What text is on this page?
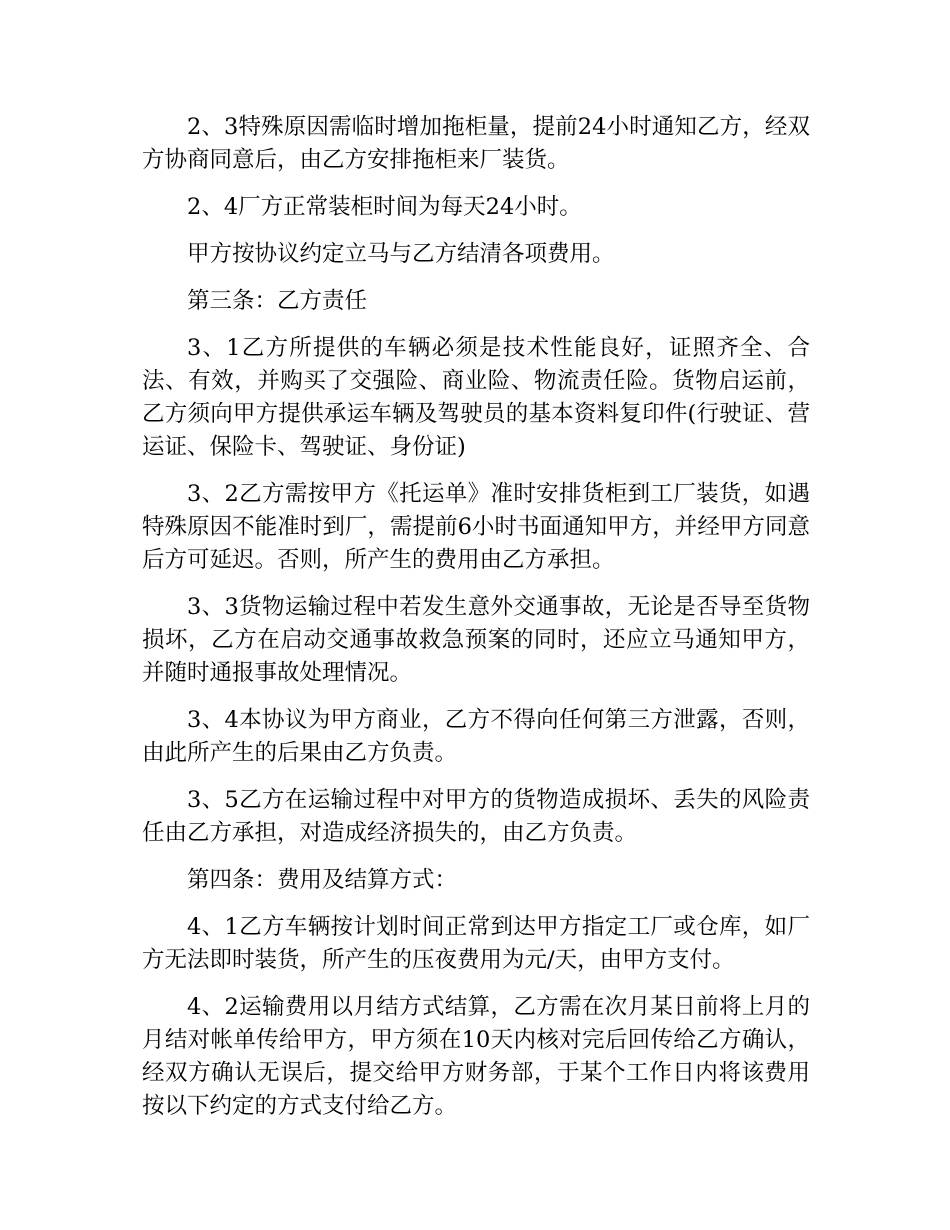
2、3特殊原因需临时增加拖柜量，提前24小时通知乙方，经双方协商同意后，由乙方安排拖柜来厂装货。

2、4厂方正常装柜时间为每天24小时。

甲方按协议约定立马与乙方结清各项费用。

第三条：乙方责任

3、1乙方所提供的车辆必须是技术性能良好，证照齐全、合法、有效，并购买了交强险、商业险、物流责任险。货物启运前，乙方须向甲方提供承运车辆及驾驶员的基本资料复印件(行驶证、营运证、保险卡、驾驶证、身份证)

3、2乙方需按甲方《托运单》准时安排货柜到工厂装货，如遇特殊原因不能准时到厂，需提前6小时书面通知甲方，并经甲方同意后方可延迟。否则，所产生的费用由乙方承担。

3、3货物运输过程中若发生意外交通事故，无论是否导至货物损坏，乙方在启动交通事故救急预案的同时，还应立马通知甲方，并随时通报事故处理情况。

3、4本协议为甲方商业，乙方不得向任何第三方泄露，否则，由此所产生的后果由乙方负责。

3、5乙方在运输过程中对甲方的货物造成损坏、丢失的风险责任由乙方承担，对造成经济损失的，由乙方负责。

第四条：费用及结算方式：

4、1乙方车辆按计划时间正常到达甲方指定工厂或仓库，如厂方无法即时装货，所产生的压夜费用为元/天，由甲方支付。

4、2运输费用以月结方式结算，乙方需在次月某日前将上月的月结对帐单传给甲方，甲方须在10天内核对完后回传给乙方确认，经双方确认无误后，提交给甲方财务部，于某个工作日内将该费用按以下约定的方式支付给乙方。
